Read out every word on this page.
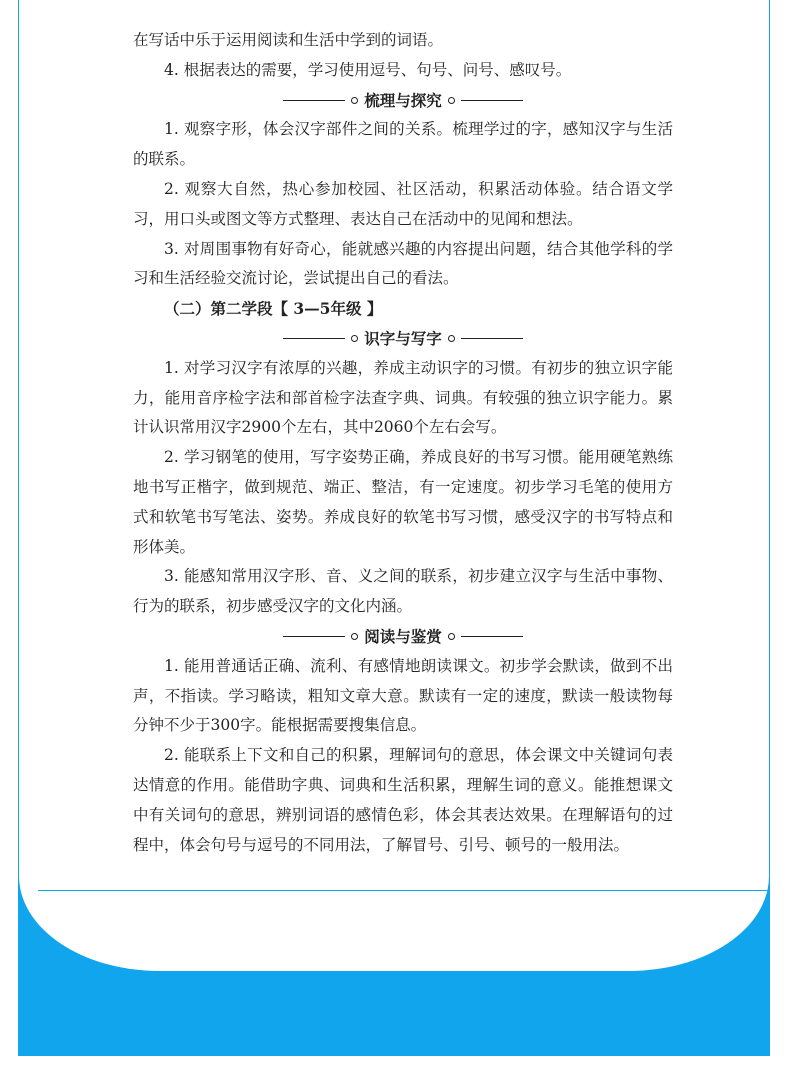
在写话中乐于运用阅读和生活中学到的词语。

4. 根据表达的需要，学习使用逗号、句号、问号、感叹号。

梳理与探究

1. 观察字形，体会汉字部件之间的关系。梳理学过的字，感知汉字与生活的联系。

2. 观察大自然，热心参加校园、社区活动，积累活动体验。结合语文学习，用口头或图文等方式整理、表达自己在活动中的见闻和想法。

3. 对周围事物有好奇心，能就感兴趣的内容提出问题，结合其他学科的学习和生活经验交流讨论，尝试提出自己的看法。

（二）第二学段【 3—5年级 】

识字与写字

1. 对学习汉字有浓厚的兴趣，养成主动识字的习惯。有初步的独立识字能力，能用音序检字法和部首检字法查字典、词典。有较强的独立识字能力。累计认识常用汉字2900个左右，其中2060个左右会写。

2. 学习钢笔的使用，写字姿势正确，养成良好的书写习惯。能用硬笔熟练地书写正楷字，做到规范、端正、整洁，有一定速度。初步学习毛笔的使用方式和软笔书写笔法、姿势。养成良好的软笔书写习惯，感受汉字的书写特点和形体美。

3. 能感知常用汉字形、音、义之间的联系，初步建立汉字与生活中事物、行为的联系，初步感受汉字的文化内涵。

阅读与鉴赏

1. 能用普通话正确、流利、有感情地朗读课文。初步学会默读，做到不出声，不指读。学习略读，粗知文章大意。默读有一定的速度，默读一般读物每分钟不少于300字。能根据需要搜集信息。

2. 能联系上下文和自己的积累，理解词句的意思，体会课文中关键词句表达情意的作用。能借助字典、词典和生活积累，理解生词的意义。能推想课文中有关词句的意思，辨别词语的感情色彩，体会其表达效果。在理解语句的过程中，体会句号与逗号的不同用法，了解冒号、引号、顿号的一般用法。
